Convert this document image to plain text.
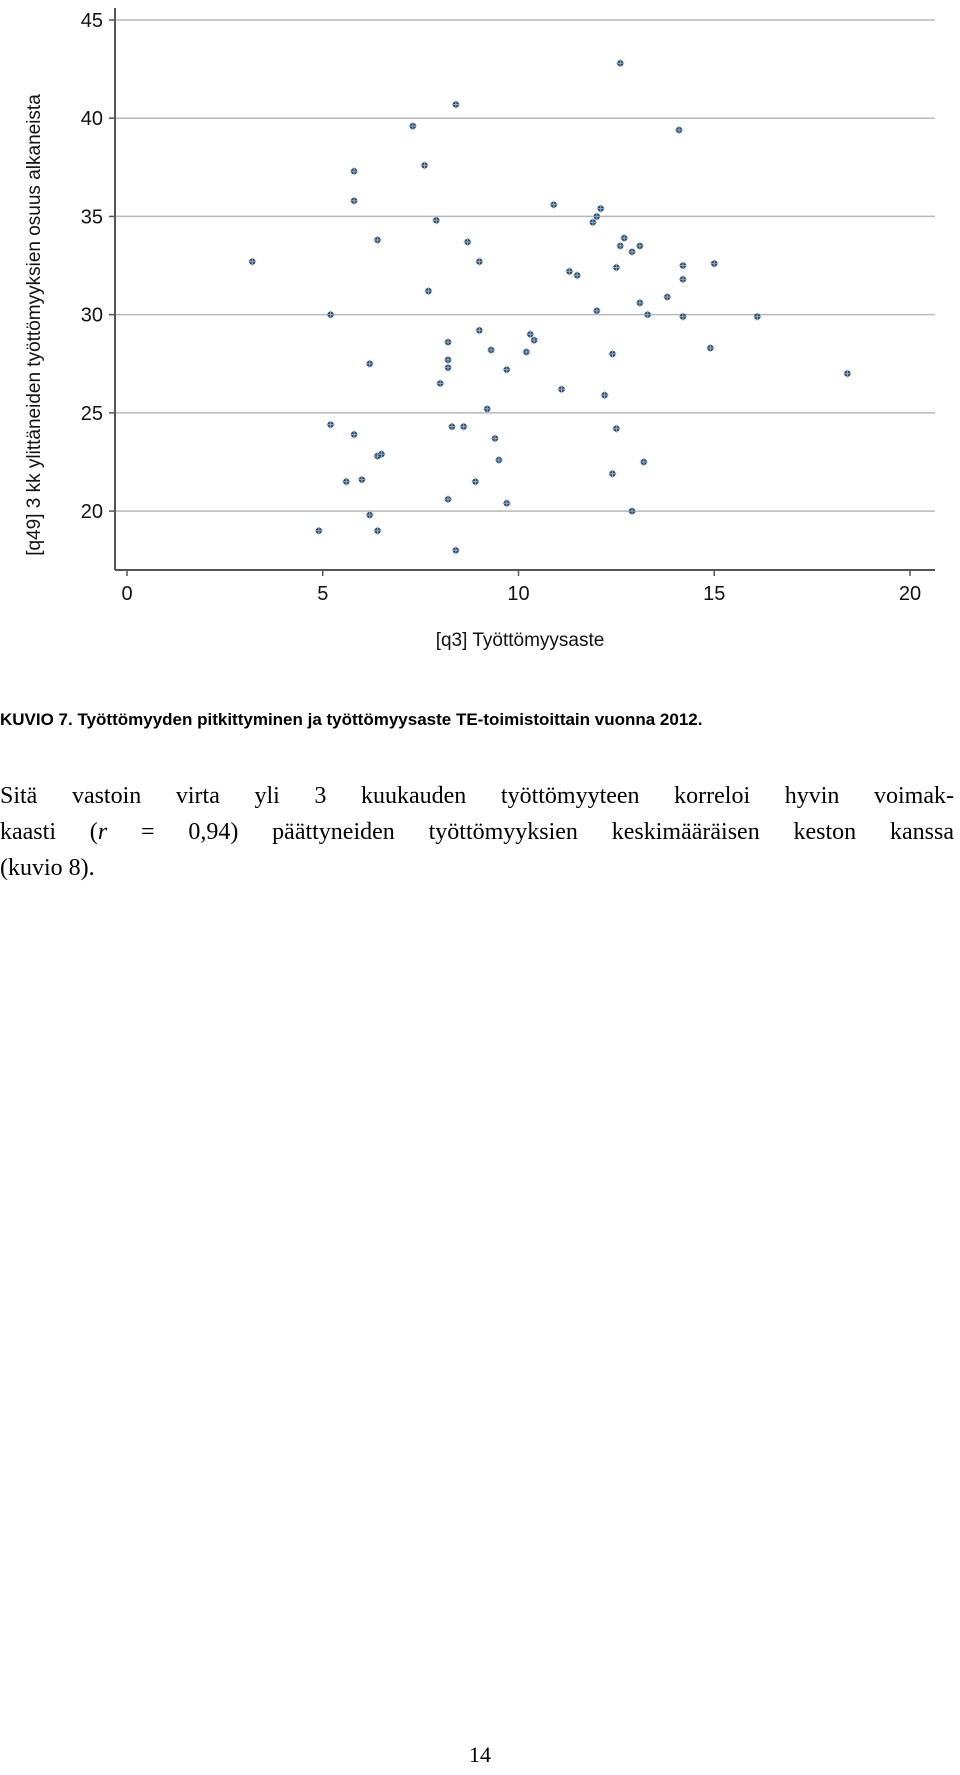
0	5	10	15	20
20
25
30
35
40
45
[q3] Työttömyysaste
[q49] 3 kk ylittäneiden työttömyyksien osuus alkaneista
KUVIO 7. Työttömyyden pitkittyminen ja työttömyysaste TE-toimistoittain vuonna 2012.

Sitä vastoin virta yli 3 kuukauden työttömyyteen korreloi hyvin voimak-

kaasti (r = 0,94) päättyneiden työttömyyksien keskimääräisen keston kanssa

(kuvio 8).

14
